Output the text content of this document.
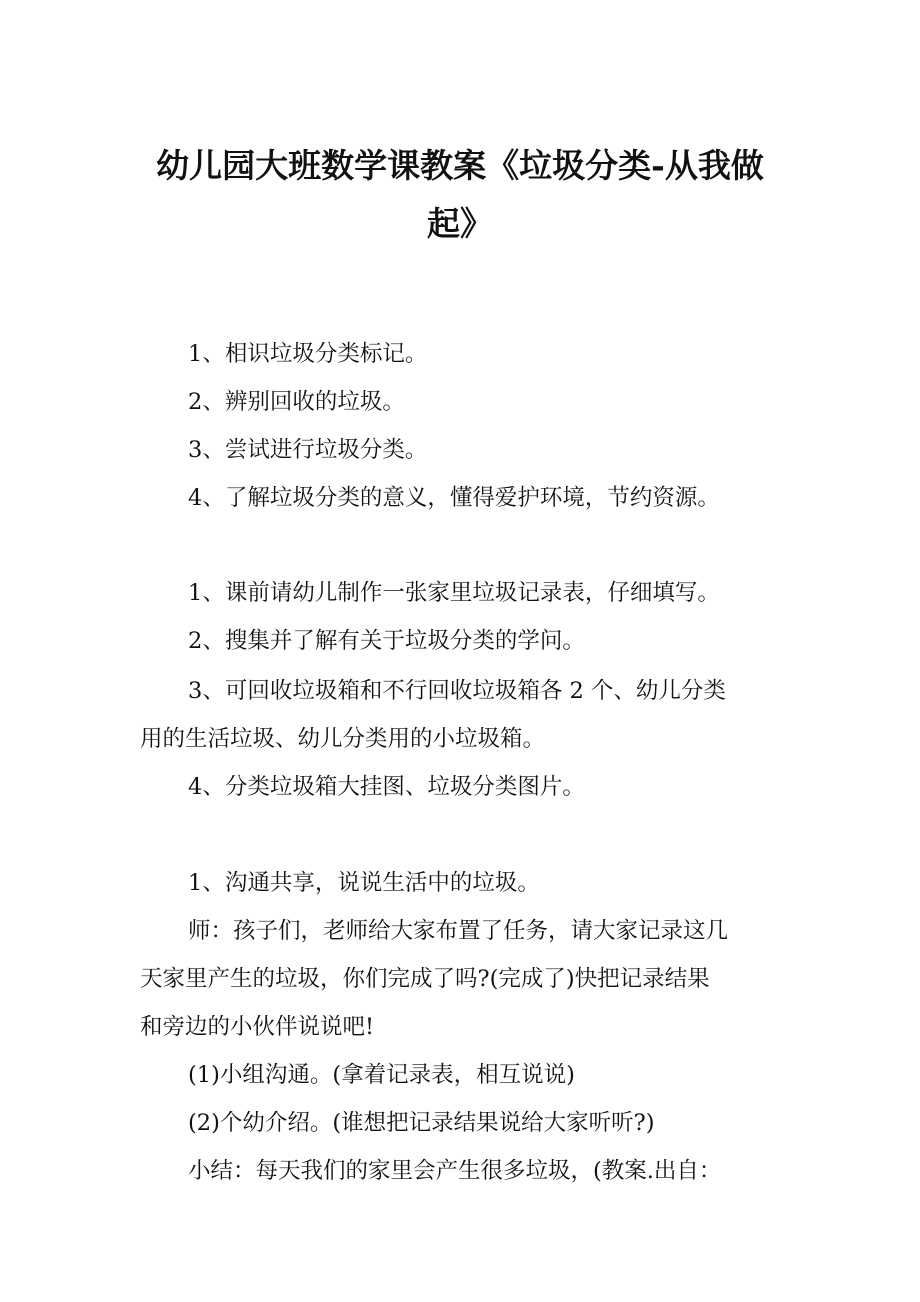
幼儿园大班数学课教案《垃圾分类-从我做
起》

1、相识垃圾分类标记。

2、辨别回收的垃圾。

3、尝试进行垃圾分类。

4、了解垃圾分类的意义，懂得爱护环境，节约资源。

1、课前请幼儿制作一张家里垃圾记录表，仔细填写。

2、搜集并了解有关于垃圾分类的学问。

3、可回收垃圾箱和不行回收垃圾箱各 2 个、幼儿分类

用的生活垃圾、幼儿分类用的小垃圾箱。

4、分类垃圾箱大挂图、垃圾分类图片。

1、沟通共享，说说生活中的垃圾。

师：孩子们，老师给大家布置了任务，请大家记录这几

天家里产生的垃圾，你们完成了吗?(完成了)快把记录结果

和旁边的小伙伴说说吧!

(1)小组沟通。(拿着记录表，相互说说)

(2)个幼介绍。(谁想把记录结果说给大家听听?)

小结：每天我们的家里会产生很多垃圾，(教案.出自：
